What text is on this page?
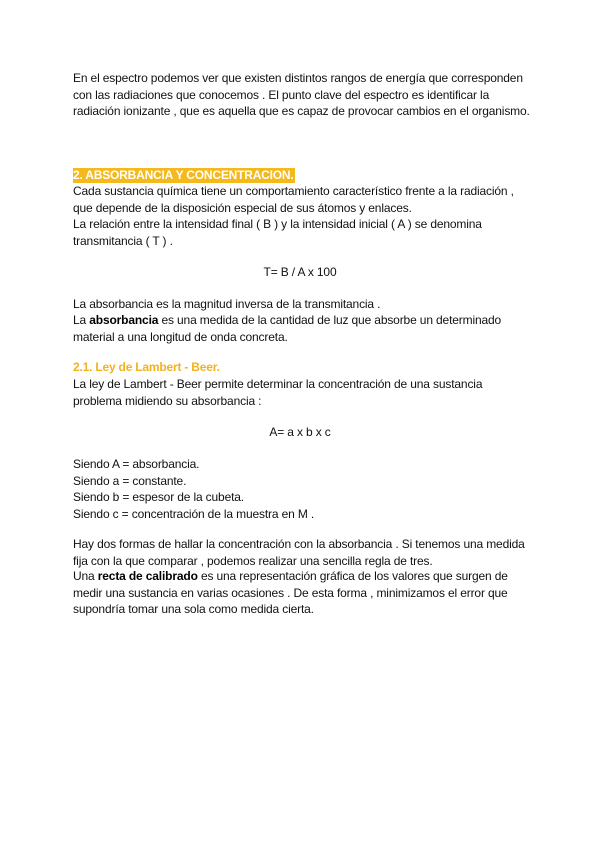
En el espectro podemos ver que existen distintos rangos de energía que corresponden con las radiaciones que conocemos . El punto clave del espectro es identificar la radiación ionizante , que es aquella que es capaz de provocar cambios en el organismo.

2. ABSORBANCIA Y CONCENTRACION.

Cada sustancia química tiene un comportamiento característico frente a la radiación , que depende de la disposición especial de sus átomos y enlaces.

La relación entre la intensidad final ( B ) y la intensidad inicial ( A ) se denomina transmitancia ( T ) .

T= B / A x 100

La absorbancia es la magnitud inversa de la transmitancia .

La absorbancia es una medida de la cantidad de luz que absorbe un determinado material a una longitud de onda concreta.

2.1. Ley de Lambert - Beer.

La ley de Lambert - Beer permite determinar la concentración de una sustancia problema midiendo su absorbancia :

A= a x b x c

Siendo A = absorbancia.

Siendo a = constante.

Siendo b = espesor de la cubeta.

Siendo c = concentración de la muestra en M .

Hay dos formas de hallar la concentración con la absorbancia . Si tenemos una medida fija con la que comparar , podemos realizar una sencilla regla de tres.

Una recta de calibrado es una representación gráfica de los valores que surgen de medir una sustancia en varias ocasiones . De esta forma , minimizamos el error que supondría tomar una sola como medida cierta.
